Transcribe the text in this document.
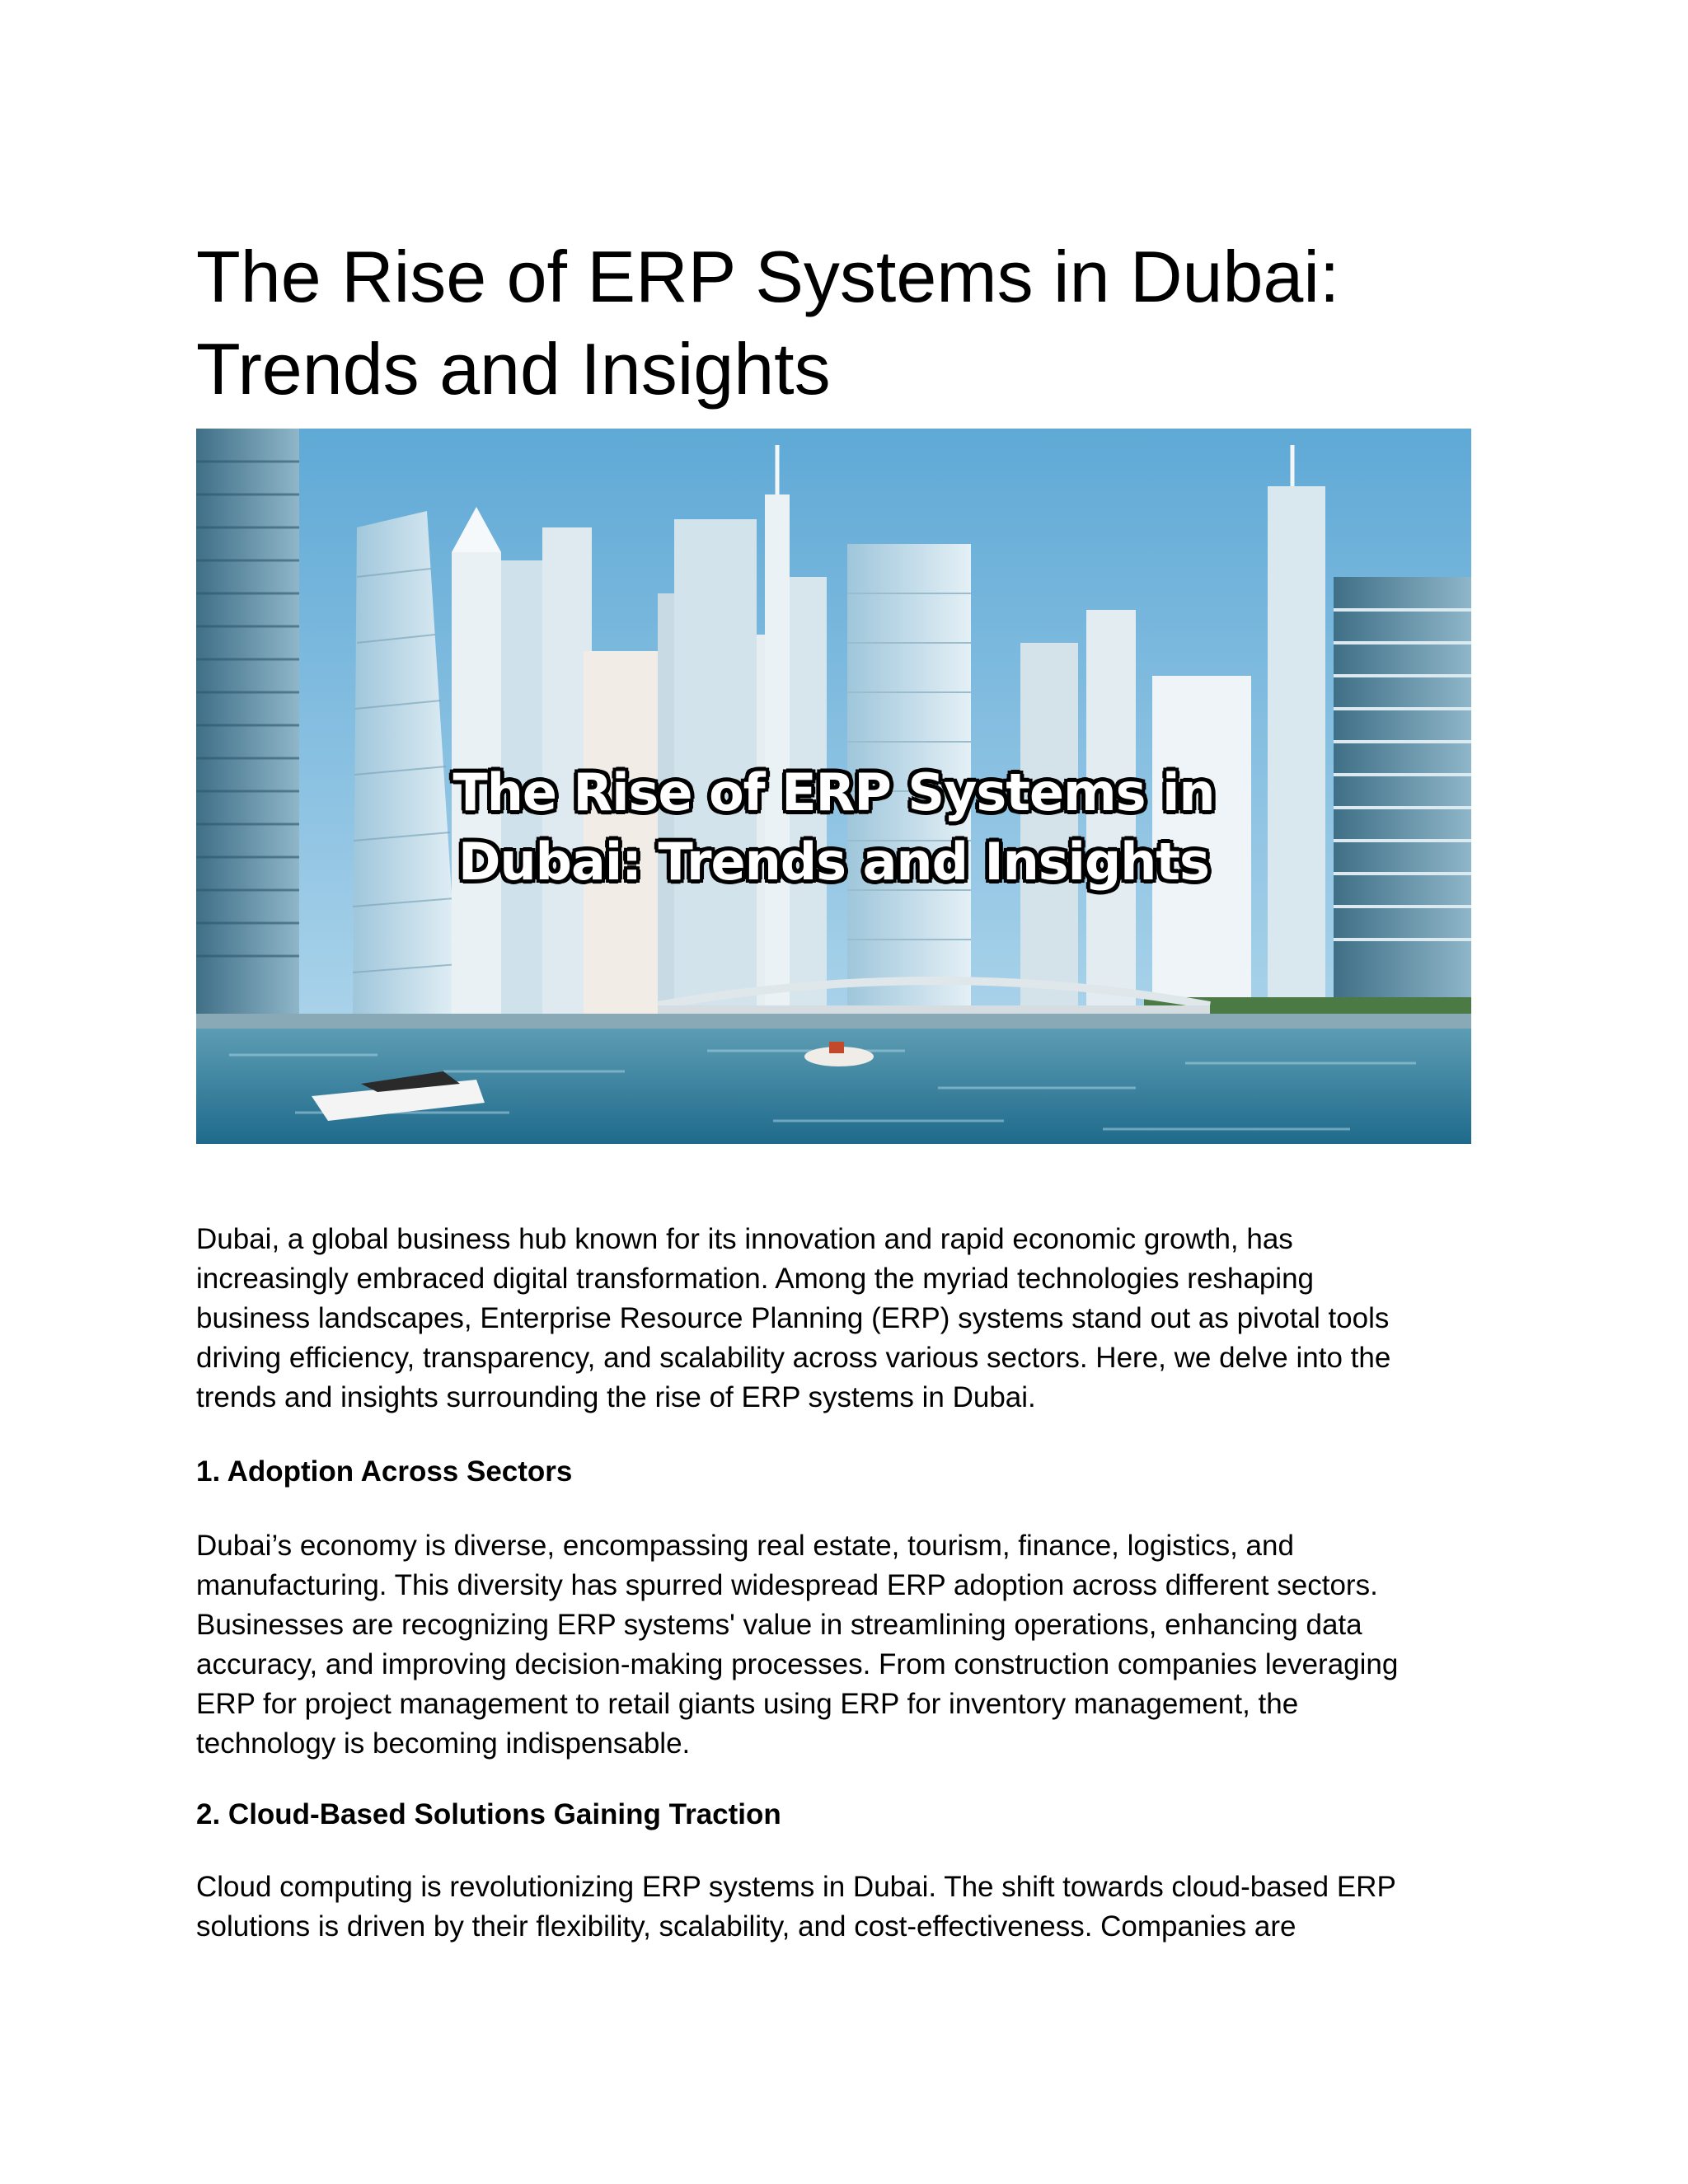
The Rise of ERP Systems in Dubai:
Trends and Insights
The Rise of ERP Systems in
Dubai: Trends and Insights

Dubai, a global business hub known for its innovation and rapid economic growth, has
increasingly embraced digital transformation. Among the myriad technologies reshaping
business landscapes, Enterprise Resource Planning (ERP) systems stand out as pivotal tools
driving efficiency, transparency, and scalability across various sectors. Here, we delve into the
trends and insights surrounding the rise of ERP systems in Dubai.

1. Adoption Across Sectors

Dubai’s economy is diverse, encompassing real estate, tourism, finance, logistics, and
manufacturing. This diversity has spurred widespread ERP adoption across different sectors.
Businesses are recognizing ERP systems' value in streamlining operations, enhancing data
accuracy, and improving decision-making processes. From construction companies leveraging
ERP for project management to retail giants using ERP for inventory management, the
technology is becoming indispensable.

2. Cloud-Based Solutions Gaining Traction

Cloud computing is revolutionizing ERP systems in Dubai. The shift towards cloud-based ERP
solutions is driven by their flexibility, scalability, and cost-effectiveness. Companies are
